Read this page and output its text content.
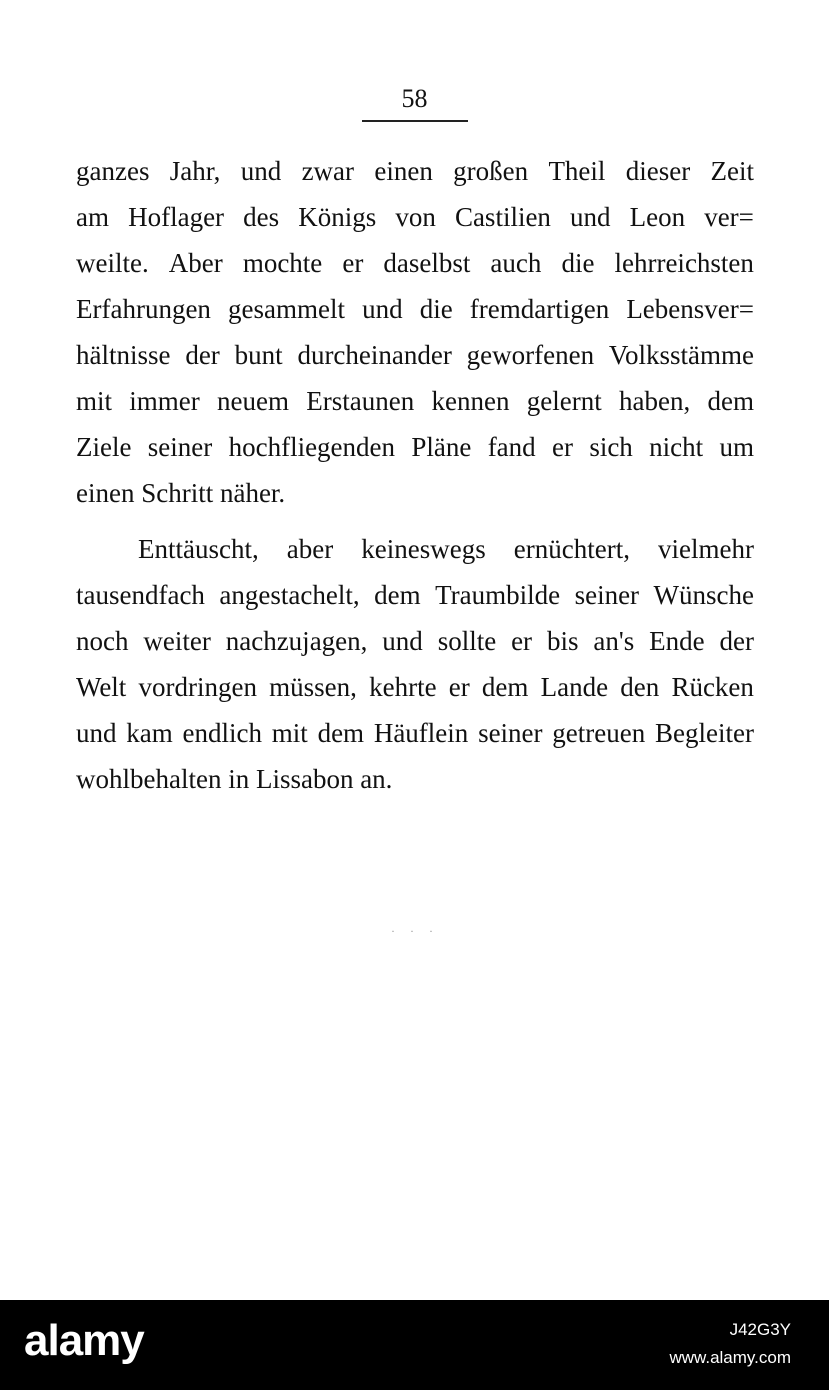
58
ganzes Jahr, und zwar einen großen Theil dieser Zeit
am Hoflager des Königs von Castilien und Leon ver=
weilte. Aber mochte er daselbst auch die lehrreichsten
Erfahrungen gesammelt und die fremdartigen Lebensver=
hältnisse der bunt durcheinander geworfenen Volksstämme
mit immer neuem Erstaunen kennen gelernt haben, dem
Ziele seiner hochfliegenden Pläne fand er sich nicht um
einen Schritt näher.
Enttäuscht, aber keineswegs ernüchtert, vielmehr
tausendfach angestachelt, dem Traumbilde seiner Wünsche
noch weiter nachzujagen, und sollte er bis an's Ende der
Welt vordringen müssen, kehrte er dem Lande den Rücken
und kam endlich mit dem Häuflein seiner getreuen Begleiter
wohlbehalten in Lissabon an.
· · ·
alamy	J42G3Y
www.alamy.com
